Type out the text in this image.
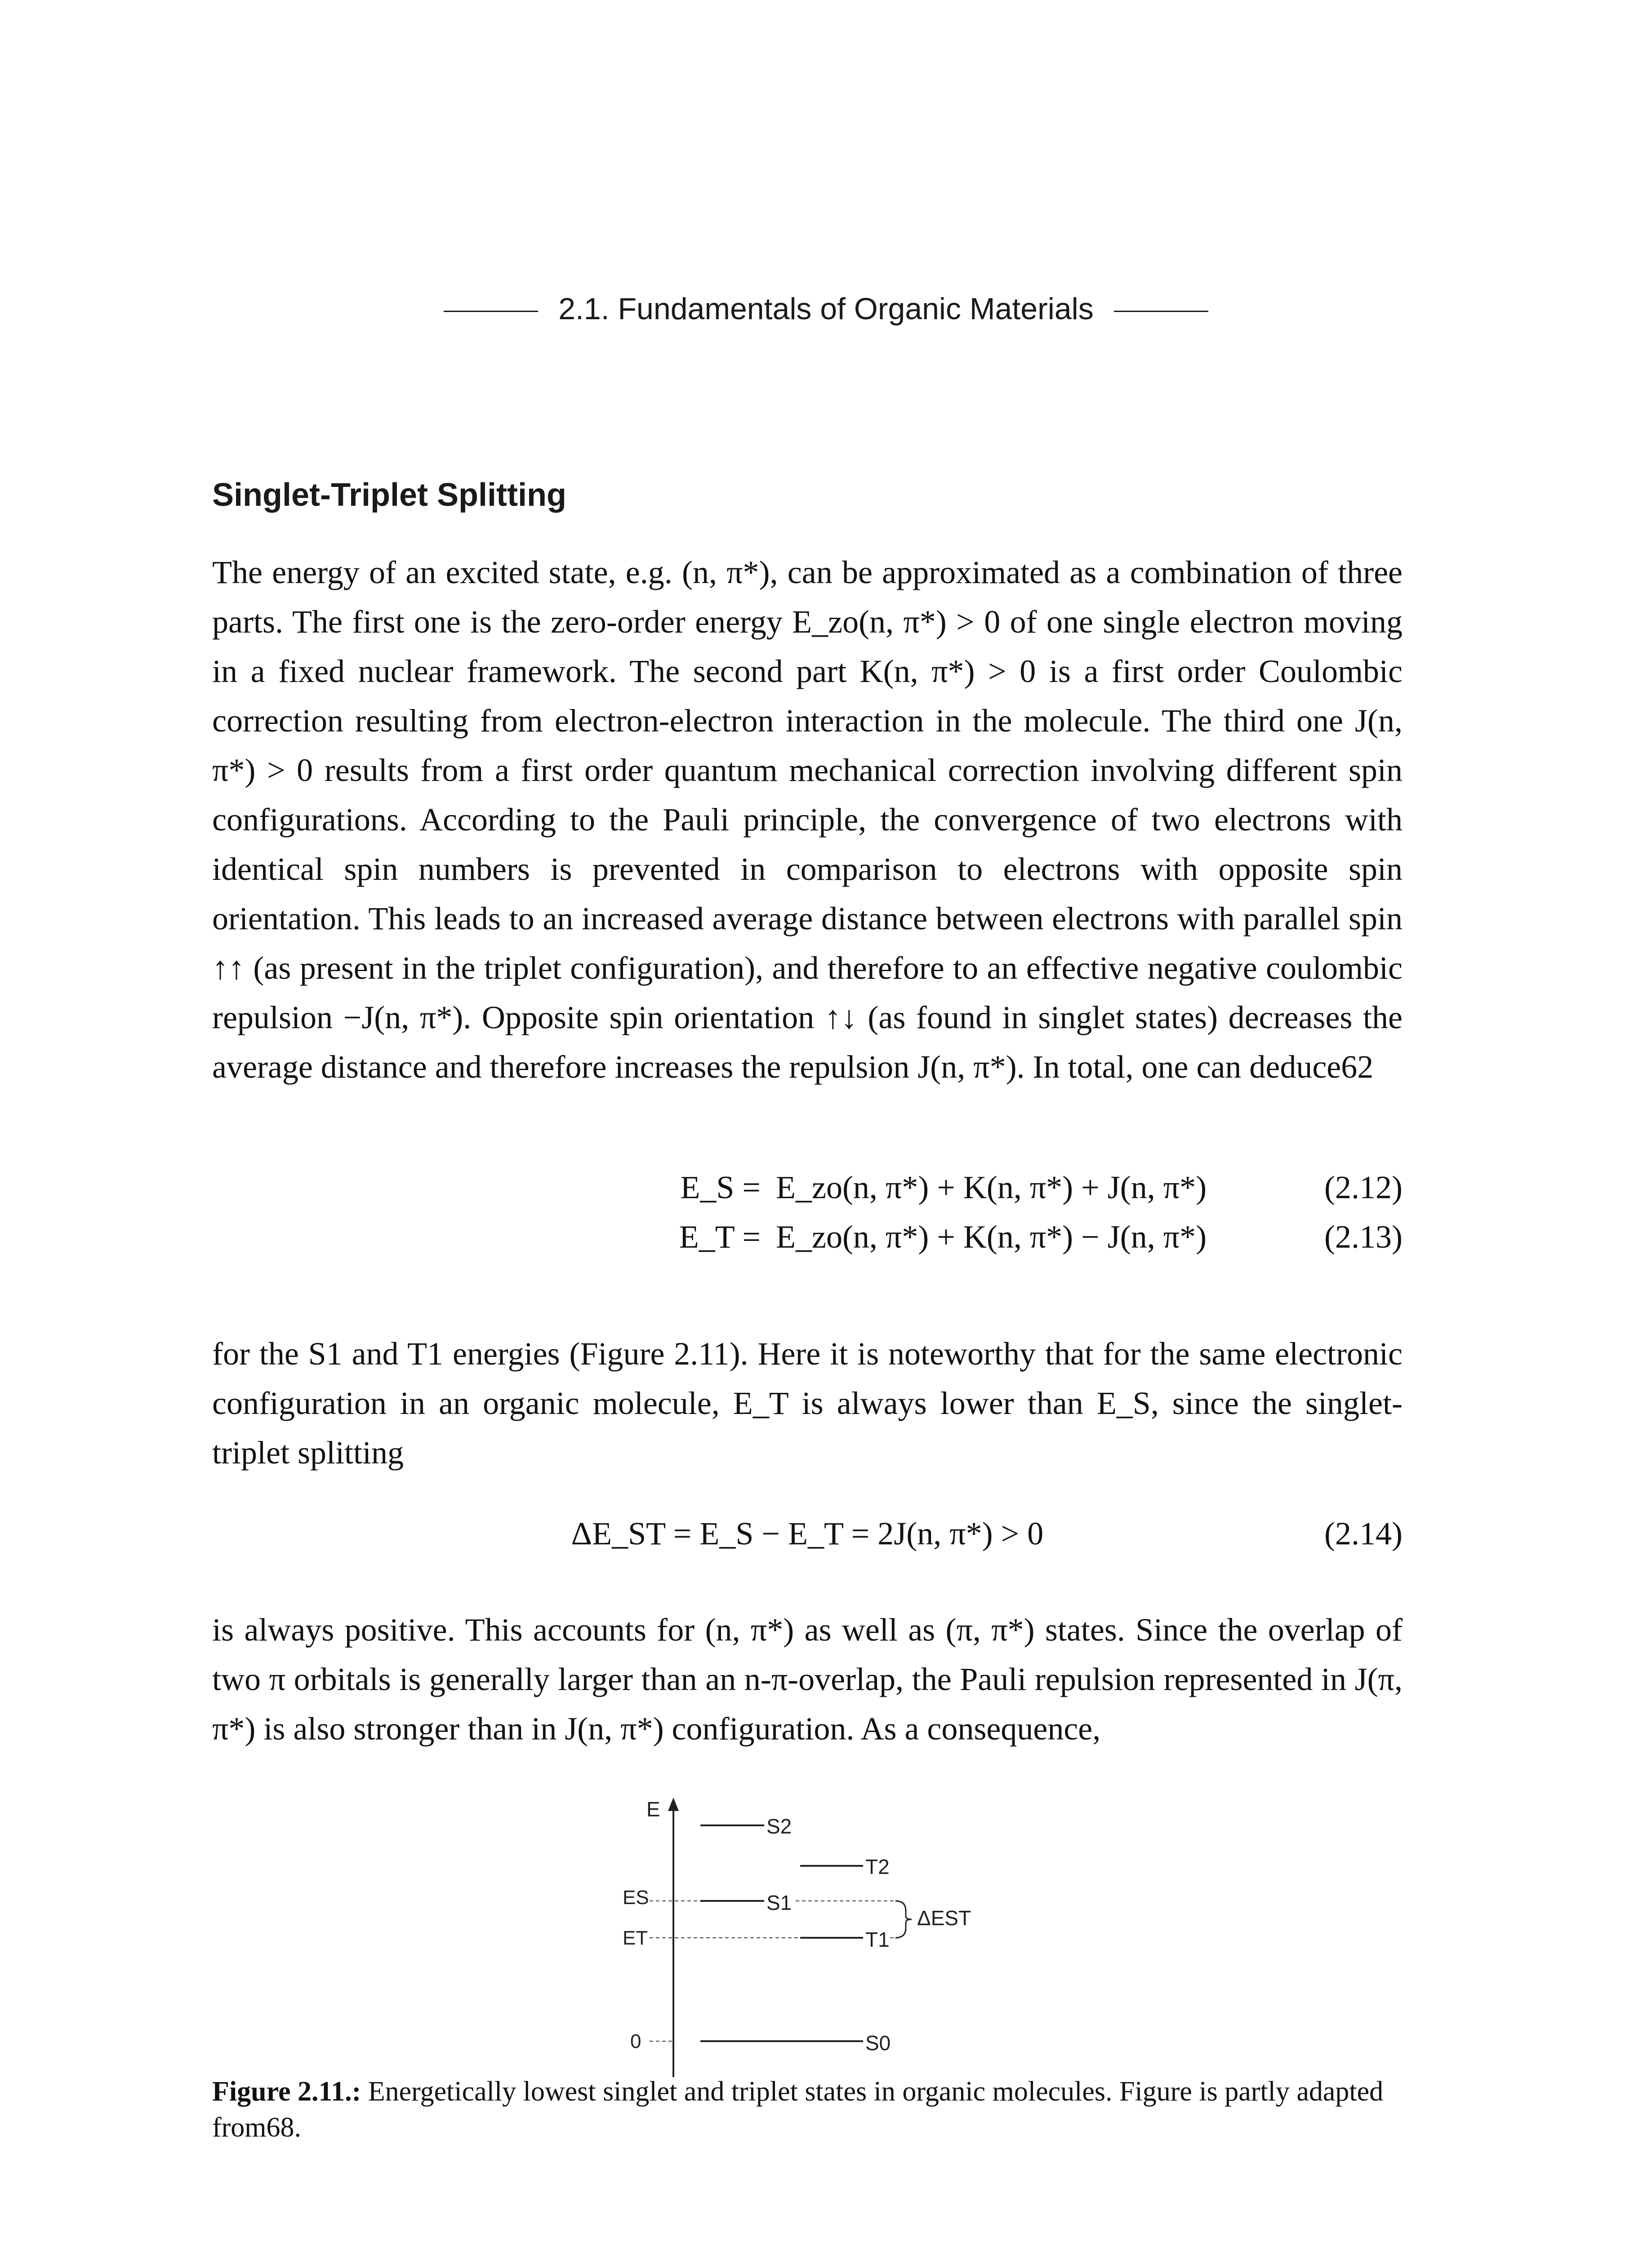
2.1. Fundamentals of Organic Materials
Singlet-Triplet Splitting
The energy of an excited state, e.g. (n, π*), can be approximated as a combination of three parts. The first one is the zero-order energy E_zo(n, π*) > 0 of one single electron moving in a fixed nuclear framework. The second part K(n, π*) > 0 is a first order Coulombic correction resulting from electron-electron interaction in the molecule. The third one J(n, π*) > 0 results from a first order quantum mechanical correction involving different spin configurations. According to the Pauli principle, the convergence of two electrons with identical spin numbers is prevented in comparison to electrons with opposite spin orientation. This leads to an increased average distance between electrons with parallel spin ↑↑ (as present in the triplet configuration), and therefore to an effective negative coulombic repulsion −J(n, π*). Opposite spin orientation ↑↓ (as found in singlet states) decreases the average distance and therefore increases the repulsion J(n, π*). In total, one can deduce62
E_S = E_zo(n, π*) + K(n, π*) + J(n, π*)	(2.12)
E_T = E_zo(n, π*) + K(n, π*) − J(n, π*)	(2.13)
for the S1 and T1 energies (Figure 2.11). Here it is noteworthy that for the same electronic configuration in an organic molecule, E_T is always lower than E_S, since the singlet-triplet splitting
ΔE_ST = E_S − E_T = 2J(n, π*) > 0	(2.14)
is always positive. This accounts for (n, π*) as well as (π, π*) states. Since the overlap of two π orbitals is generally larger than an n-π-overlap, the Pauli repulsion represented in J(π, π*) is also stronger than in J(n, π*) configuration. As a consequence,
E
S2
T2
ES	S1
ET	T1
ΔEST
0	S0
Figure 2.11.: Energetically lowest singlet and triplet states in organic molecules. Figure is partly adapted from68.
